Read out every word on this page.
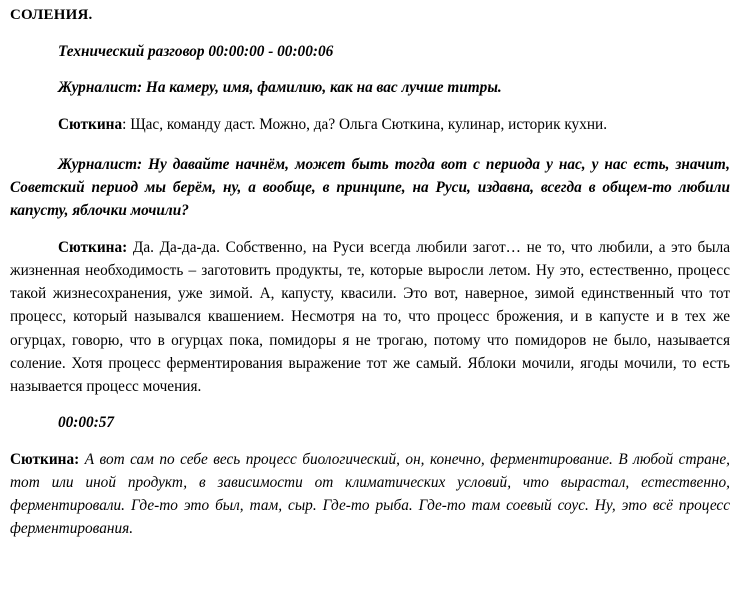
СОЛЕНИЯ.

Технический разговор 00:00:00 - 00:00:06

Журналист: На камеру, имя, фамилию, как на вас лучше титры.

Сюткина: Щас, команду даст. Можно, да? Ольга Сюткина, кулинар, историк кухни.

Журналист: Ну давайте начнём, может быть тогда вот с периода у нас, у нас есть, значит, Советский период мы берём, ну, а вообще, в принципе, на Руси, издавна, всегда в общем-то любили капусту, яблочки мочили?

Сюткина: Да. Да-да-да. Собственно, на Руси всегда любили загот… не то, что любили, а это была жизненная необходимость – заготовить продукты, те, которые выросли летом. Ну это, естественно, процесс такой жизнесохранения, уже зимой. А, капусту, квасили. Это вот, наверное, зимой единственный что тот процесс, который назывался квашением. Несмотря на то, что процесс брожения, и в капусте и в тех же огурцах, говорю, что в огурцах пока, помидоры я не трогаю, потому что помидоров не было, называется соление. Хотя процесс ферментирования выражение тот же самый. Яблоки мочили, ягоды мочили, то есть называется процесс мочения.

00:00:57

Сюткина: А вот сам по себе весь процесс биологический, он, конечно, ферментирование. В любой стране, тот или иной продукт, в зависимости от климатических условий, что вырастал, естественно, ферментировали. Где-то это был, там, сыр. Где-то рыба. Где-то там соевый соус. Ну, это всё процесс ферментирования.
